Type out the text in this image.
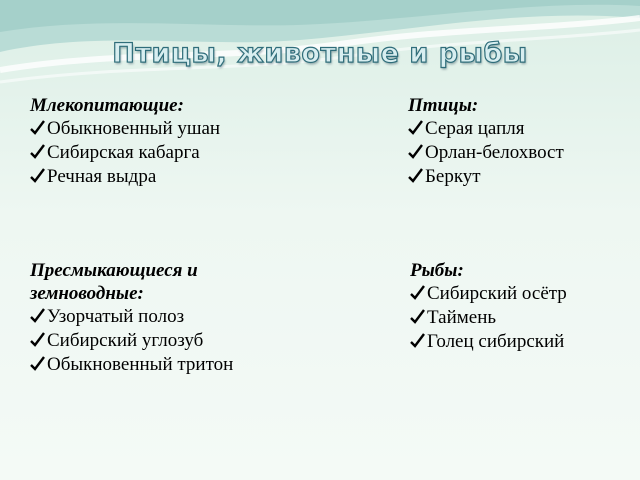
Птицы, животные и рыбы
Млекопитающие:
Обыкновенный ушан
Сибирская кабарга
Речная выдра
Птицы:
Серая цапля
Орлан-белохвост
Беркут
Пресмыкающиеся и
земноводные:
Узорчатый полоз
Сибирский углозуб
Обыкновенный тритон
Рыбы:
Сибирский осётр
Таймень
Голец сибирский
